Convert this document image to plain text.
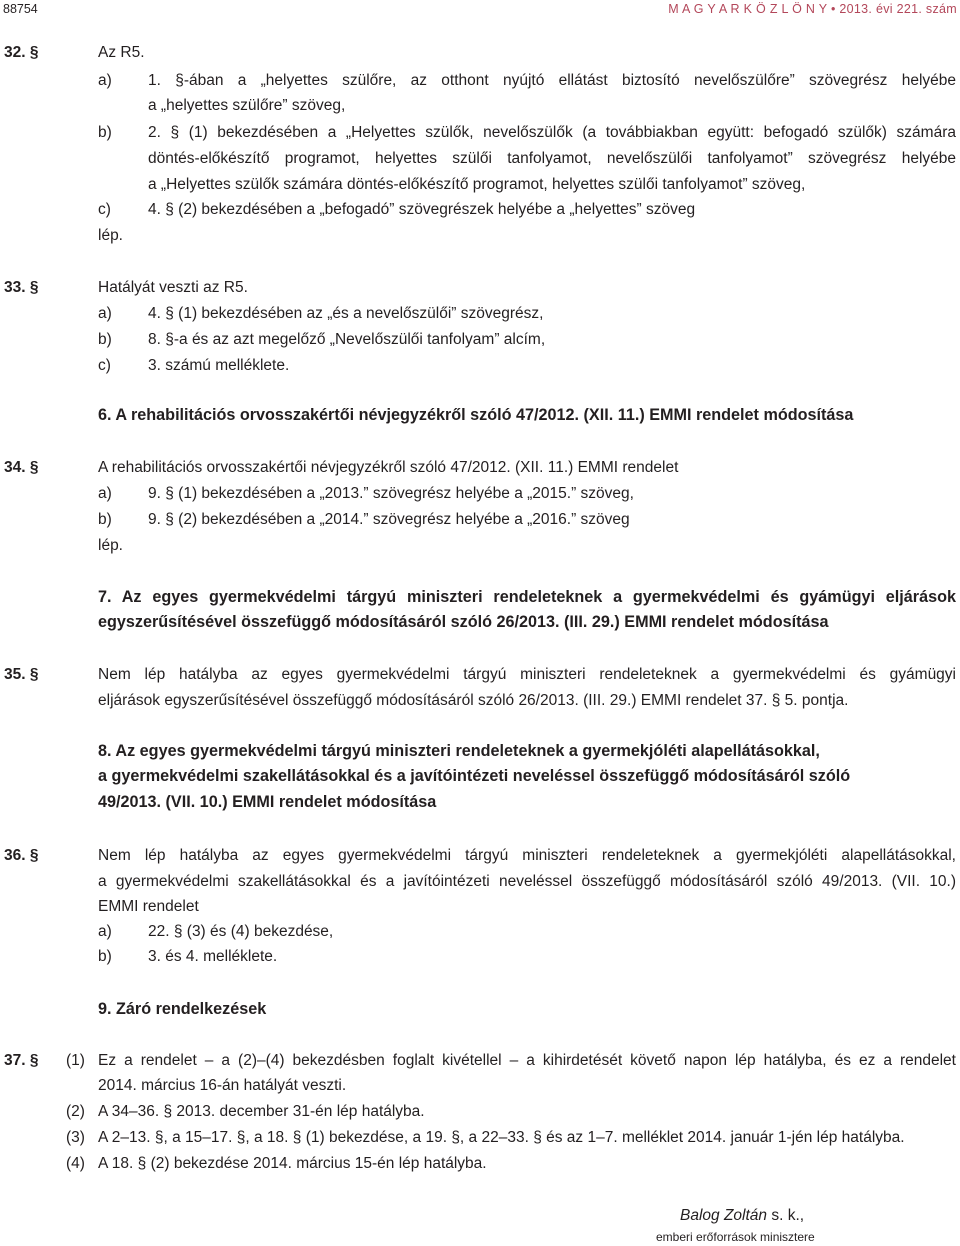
88754	M A G Y A R K Ö Z L Ö N Y • 2013. évi 221. szám
32. §	Az R5.
a) 1. §-ában a „helyettes szülőre, az otthont nyújtó ellátást biztosító nevelőszülőre” szövegrész helyébe
a „helyettes szülőre” szöveg,
b) 2. § (1) bekezdésében a „Helyettes szülők, nevelőszülők (a továbbiakban együtt: befogadó szülők) számára
döntés-előkészítő programot, helyettes szülői tanfolyamot, nevelőszülői tanfolyamot” szövegrész helyébe
a „Helyettes szülők számára döntés-előkészítő programot, helyettes szülői tanfolyamot” szöveg,
c) 4. § (2) bekezdésében a „befogadó” szövegrészek helyébe a „helyettes” szöveg
lép.
33. §	Hatályát veszti az R5.
a) 4. § (1) bekezdésében az „és a nevelőszülői” szövegrész,
b) 8. §-a és az azt megelőző „Nevelőszülői tanfolyam” alcím,
c) 3. számú melléklete.
6. A rehabilitációs orvosszakértői névjegyzékről szóló 47/2012. (XII. 11.) EMMI rendelet módosítása
34. §	A rehabilitációs orvosszakértői névjegyzékről szóló 47/2012. (XII. 11.) EMMI rendelet
a) 9. § (1) bekezdésében a „2013.” szövegrész helyébe a „2015.” szöveg,
b) 9. § (2) bekezdésében a „2014.” szövegrész helyébe a „2016.” szöveg
lép.
7. Az egyes gyermekvédelmi tárgyú miniszteri rendeleteknek a gyermekvédelmi és gyámügyi eljárások
egyszerűsítésével összefüggő módosításáról szóló 26/2013. (III. 29.) EMMI rendelet módosítása
35. §	Nem lép hatályba az egyes gyermekvédelmi tárgyú miniszteri rendeleteknek a gyermekvédelmi és gyámügyi
eljárások egyszerűsítésével összefüggő módosításáról szóló 26/2013. (III. 29.) EMMI rendelet 37. § 5. pontja.
8. Az egyes gyermekvédelmi tárgyú miniszteri rendeleteknek a gyermekjóléti alapellátásokkal,
a gyermekvédelmi szakellátásokkal és a javítóintézeti neveléssel összefüggő módosításáról szóló
49/2013. (VII. 10.) EMMI rendelet módosítása
36. §	Nem lép hatályba az egyes gyermekvédelmi tárgyú miniszteri rendeleteknek a gyermekjóléti alapellátásokkal,
a gyermekvédelmi szakellátásokkal és a javítóintézeti neveléssel összefüggő módosításáról szóló 49/2013. (VII. 10.)
EMMI rendelet
a) 22. § (3) és (4) bekezdése,
b) 3. és 4. melléklete.
9. Záró rendelkezések
37. § (1) Ez a rendelet – a (2)–(4) bekezdésben foglalt kivétellel – a kihirdetését követő napon lép hatályba, és ez a rendelet
2014. március 16-án hatályát veszti.
(2) A 34–36. § 2013. december 31-én lép hatályba.
(3) A 2–13. §, a 15–17. §, a 18. § (1) bekezdése, a 19. §, a 22–33. § és az 1–7. melléklet 2014. január 1-jén lép hatályba.
(4) A 18. § (2) bekezdése 2014. március 15-én lép hatályba.
Balog Zoltán s. k.,
emberi erőforrások minisztere
